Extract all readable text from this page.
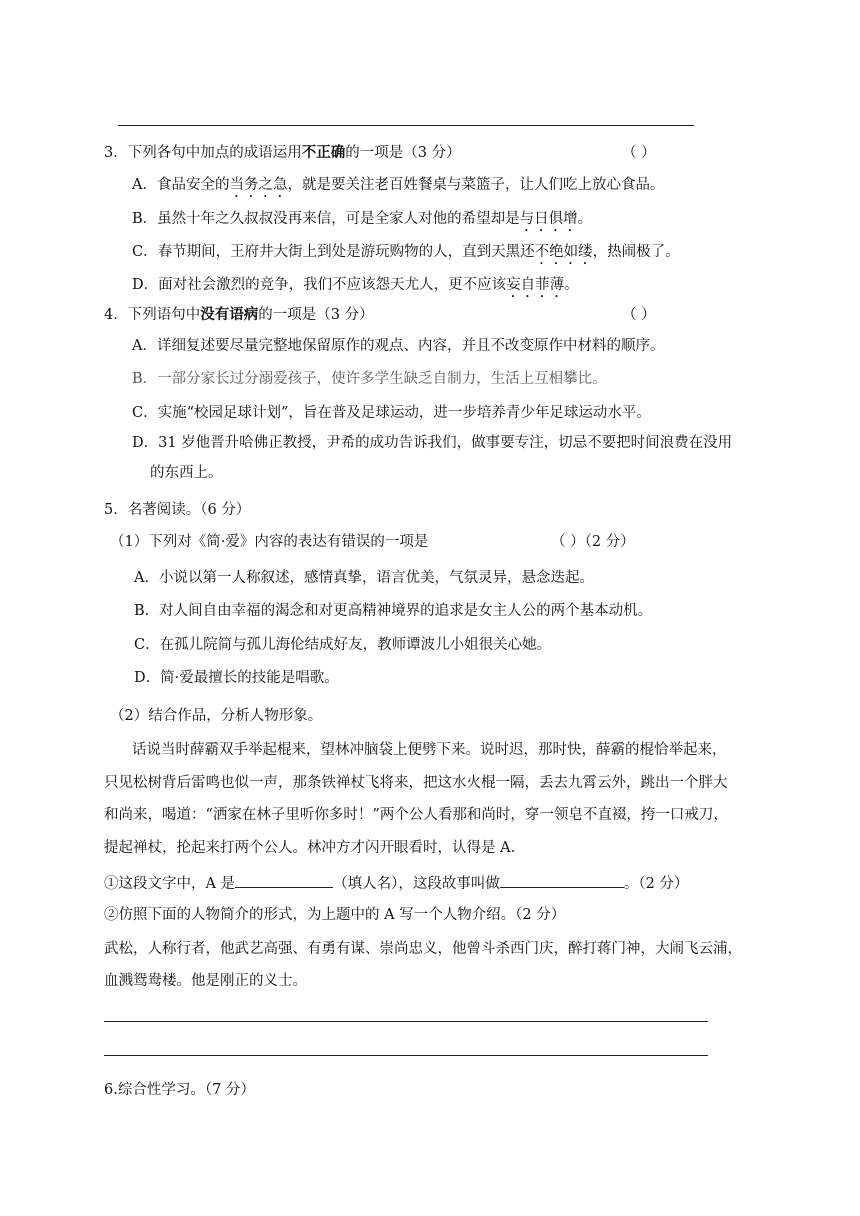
3．下列各句中加点的成语运用不正确的一项是（3 分）	（ ）
A．食品安全的当务之急，就是要关注老百姓餐桌与菜篮子，让人们吃上放心食品。
B．虽然十年之久叔叔没再来信，可是全家人对他的希望却是与日俱增。
C．春节期间，王府井大街上到处是游玩购物的人，直到天黑还不绝如缕，热闹极了。
D．面对社会激烈的竞争，我们不应该怨天尤人，更不应该妄自菲薄。
4．下列语句中没有语病的一项是（3 分）	（ ）
A．详细复述要尽量完整地保留原作的观点、内容，并且不改变原作中材料的顺序。
B．一部分家长过分溺爱孩子，使许多学生缺乏自制力，生活上互相攀比。
C．实施“校园足球计划”，旨在普及足球运动，进一步培养青少年足球运动水平。
D．31 岁他晋升哈佛正教授，尹希的成功告诉我们，做事要专注，切忌不要把时间浪费在没用
的东西上。
5．名著阅读。（6 分）
（1）下列对《简·爱》内容的表达有错误的一项是	（ ）（2 分）
A．小说以第一人称叙述，感情真挚，语言优美，气氛灵异，悬念迭起。
B．对人间自由幸福的渴念和对更高精神境界的追求是女主人公的两个基本动机。
C．在孤儿院简与孤儿海伦结成好友，教师谭波儿小姐很关心她。
D．简·爱最擅长的技能是唱歌。
（2）结合作品，分析人物形象。
话说当时薛霸双手举起棍来，望林冲脑袋上便劈下来。说时迟，那时快，薛霸的棍恰举起来，
只见松树背后雷鸣也似一声，那条铁禅杖飞将来，把这水火棍一隔，丢去九霄云外，跳出一个胖大
和尚来，喝道：“洒家在林子里听你多时！”两个公人看那和尚时，穿一领皂不直裰，挎一口戒刀，
提起禅杖，抡起来打两个公人。林冲方才闪开眼看时，认得是 A.
①这段文字中，A 是	（填人名），这段故事叫做	。（2 分）
②仿照下面的人物简介的形式，为上题中的 A 写一个人物介绍。（2 分）
武松，人称行者，他武艺高强、有勇有谋、崇尚忠义，他曾斗杀西门庆，醉打蒋门神，大闹飞云浦，
血溅鸳鸯楼。他是刚正的义士。
6.综合性学习。（7 分）
